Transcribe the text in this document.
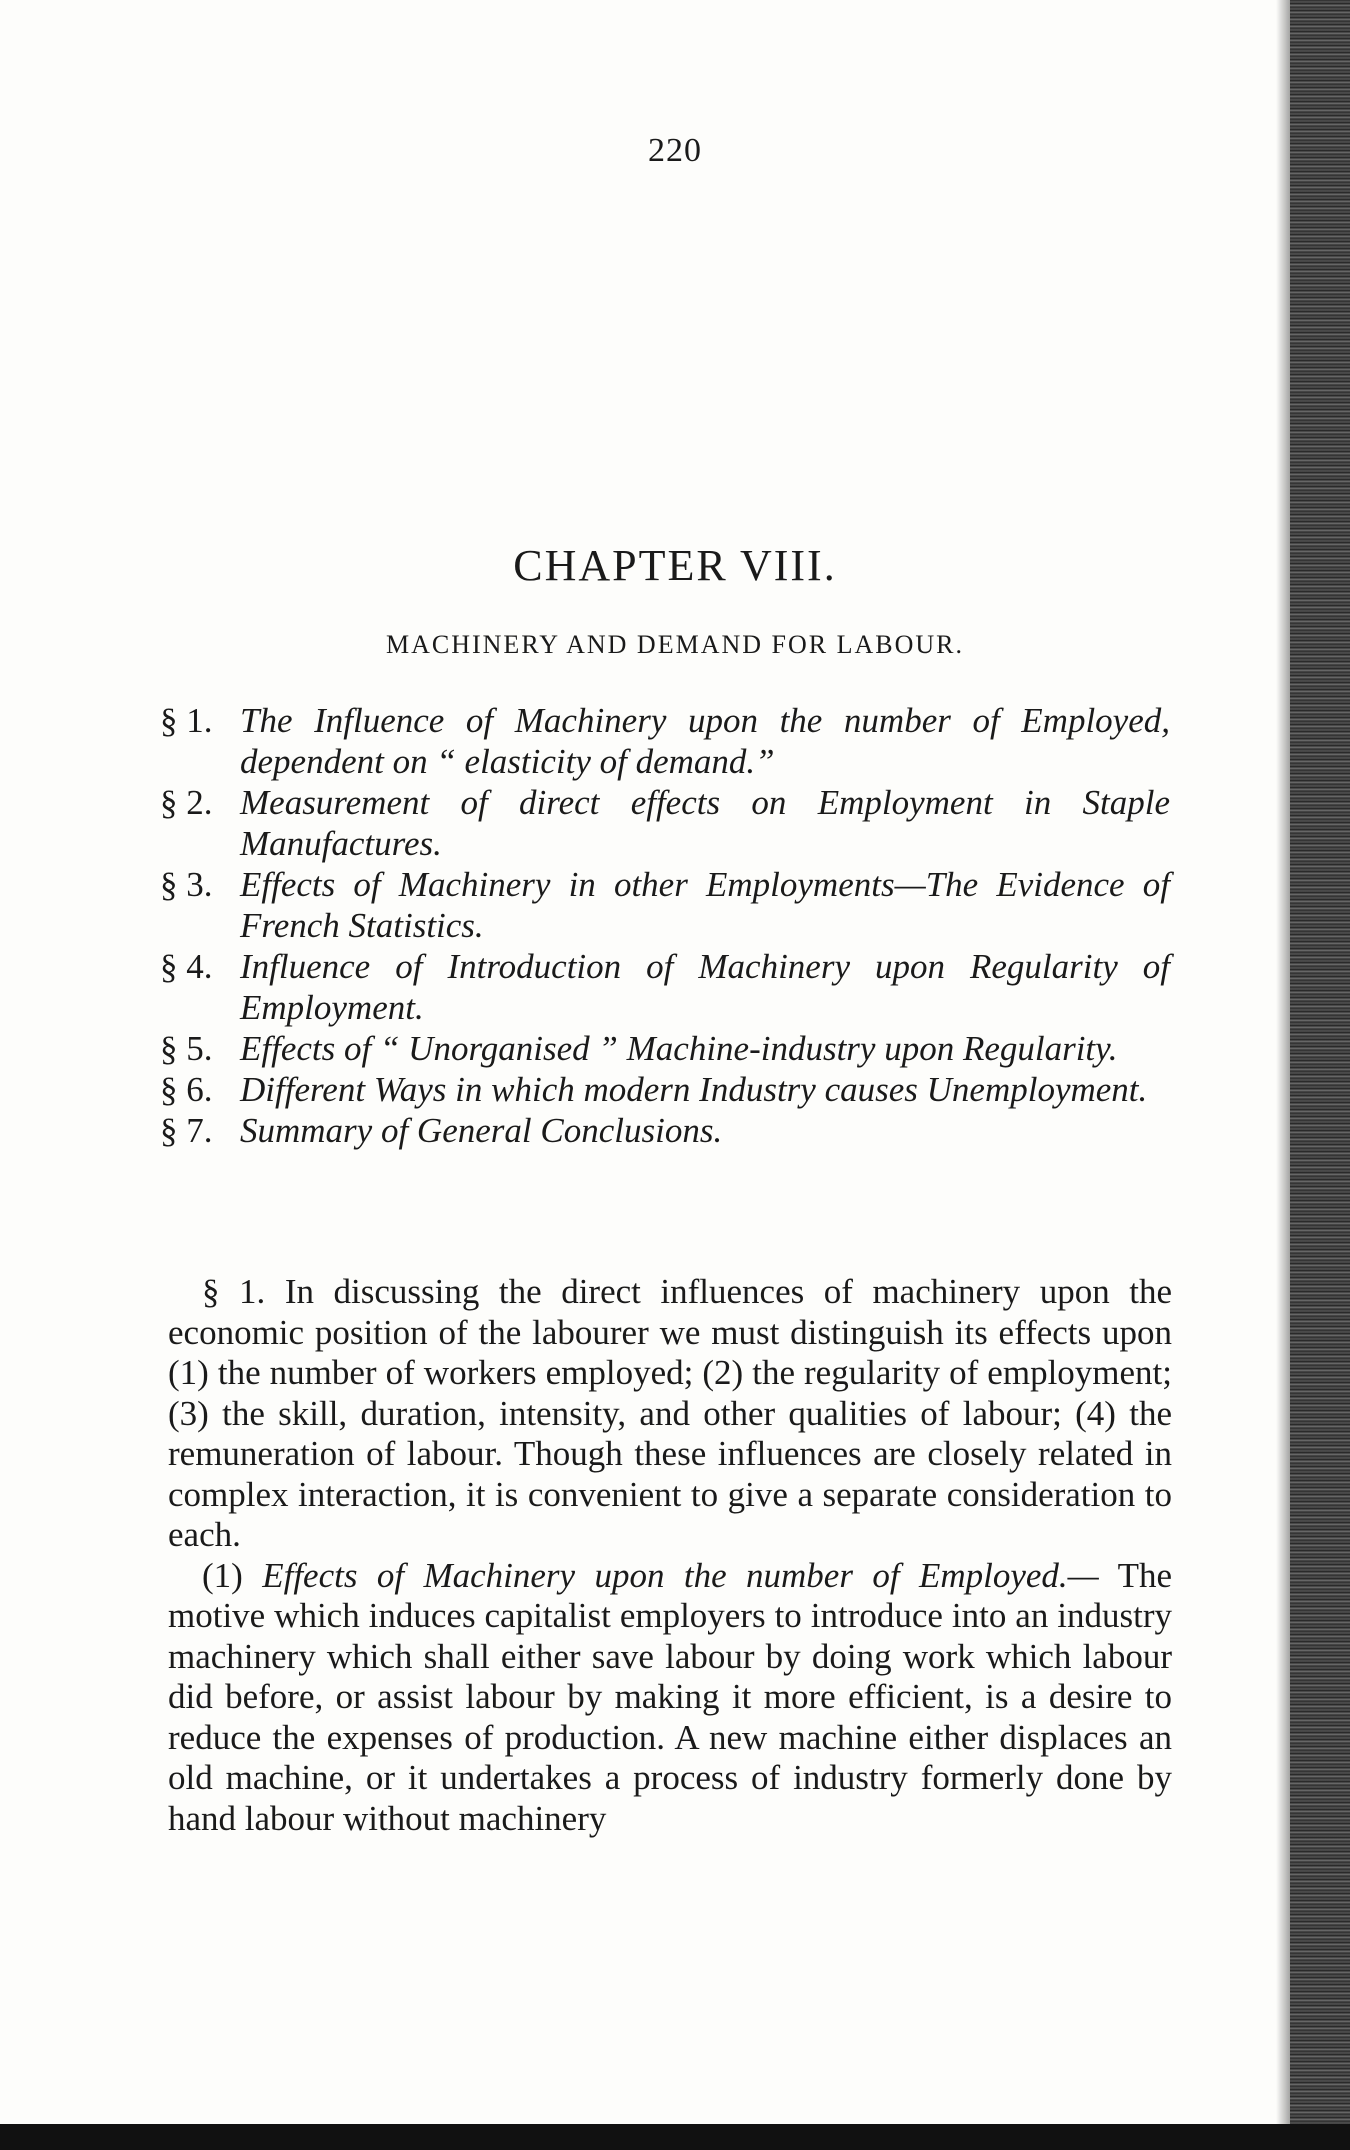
220
CHAPTER VIII.
MACHINERY AND DEMAND FOR LABOUR.
§ 1. The Influence of Machinery upon the number of Employed, dependent on “ elasticity of demand.”
§ 2. Measurement of direct effects on Employment in Staple Manufactures.
§ 3. Effects of Machinery in other Employments—The Evidence of French Statistics.
§ 4. Influence of Introduction of Machinery upon Regularity of Employment.
§ 5. Effects of “ Unorganised ” Machine-industry upon Regularity.
§ 6. Different Ways in which modern Industry causes Unemployment.
§ 7. Summary of General Conclusions.

§ 1. In discussing the direct influences of machinery upon the economic position of the labourer we must distinguish its effects upon (1) the number of workers employed; (2) the regularity of employment; (3) the skill, duration, intensity, and other qualities of labour; (4) the remuneration of labour. Though these influences are closely related in complex interaction, it is convenient to give a separate consideration to each.

(1) Effects of Machinery upon the number of Employed.— The motive which induces capitalist employers to introduce into an industry machinery which shall either save labour by doing work which labour did before, or assist labour by making it more efficient, is a desire to reduce the expenses of production. A new machine either displaces an old machine, or it undertakes a process of industry formerly done by hand labour without machinery
